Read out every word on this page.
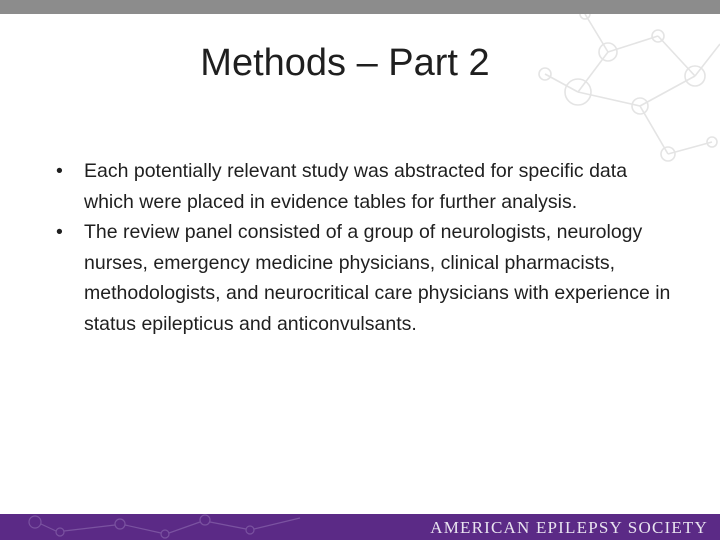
Methods – Part 2
• Each potentially relevant study was abstracted for specific data which were placed in evidence tables for further analysis.
• The review panel consisted of a group of neurologists, neurology nurses, emergency medicine physicians, clinical pharmacists, methodologists, and neurocritical care physicians with experience in status epilepticus and anticonvulsants.
AMERICAN EPILEPSY SOCIETY
